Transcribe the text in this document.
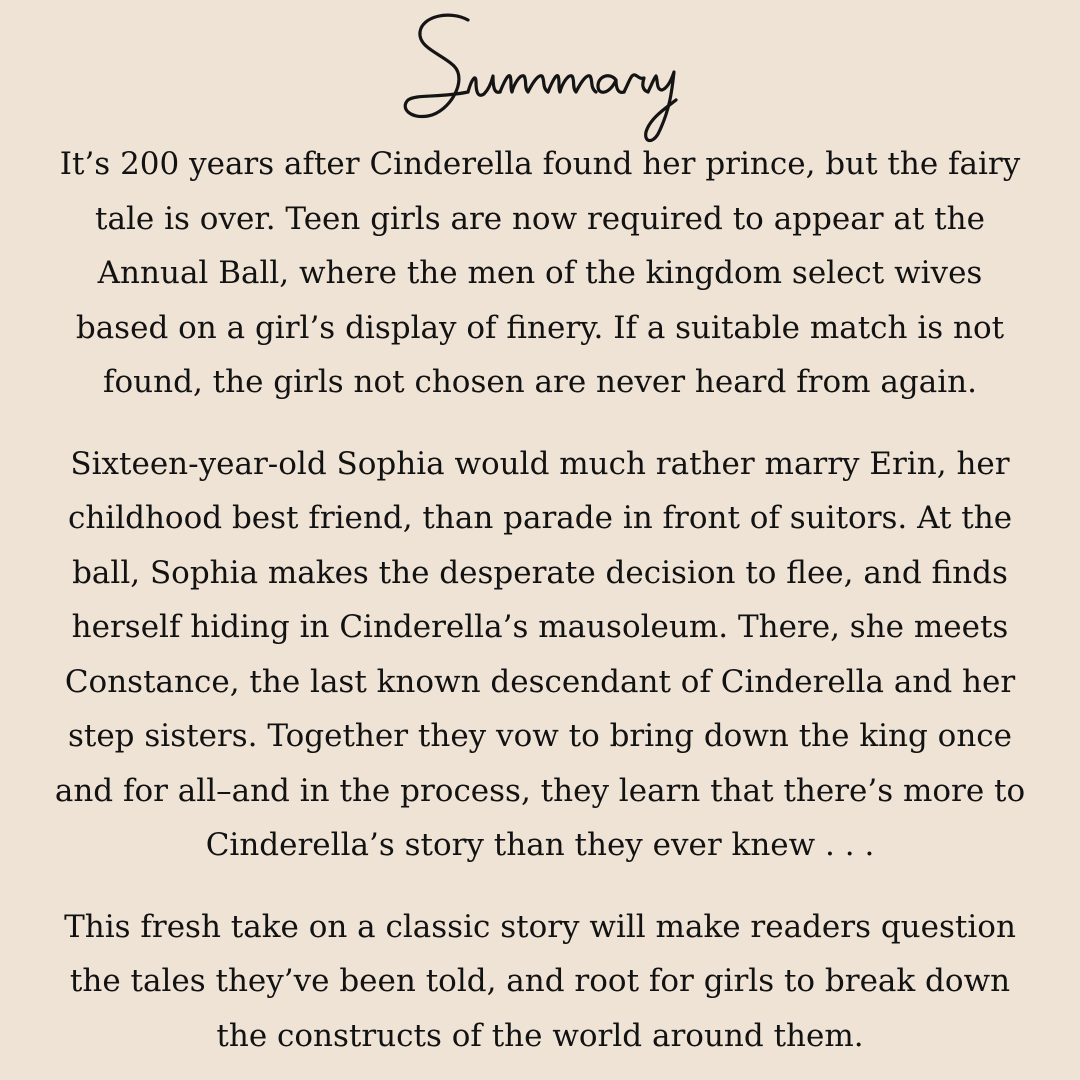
It’s 200 years after Cinderella found her prince, but the fairy
tale is over. Teen girls are now required to appear at the
Annual Ball, where the men of the kingdom select wives
based on a girl’s display of finery. If a suitable match is not
found, the girls not chosen are never heard from again.

Sixteen-year-old Sophia would much rather marry Erin, her
childhood best friend, than parade in front of suitors. At the
ball, Sophia makes the desperate decision to flee, and finds
herself hiding in Cinderella’s mausoleum. There, she meets
Constance, the last known descendant of Cinderella and her
step sisters. Together they vow to bring down the king once
and for all–and in the process, they learn that there’s more to
Cinderella’s story than they ever knew . . .

This fresh take on a classic story will make readers question
the tales they’ve been told, and root for girls to break down
the constructs of the world around them.
